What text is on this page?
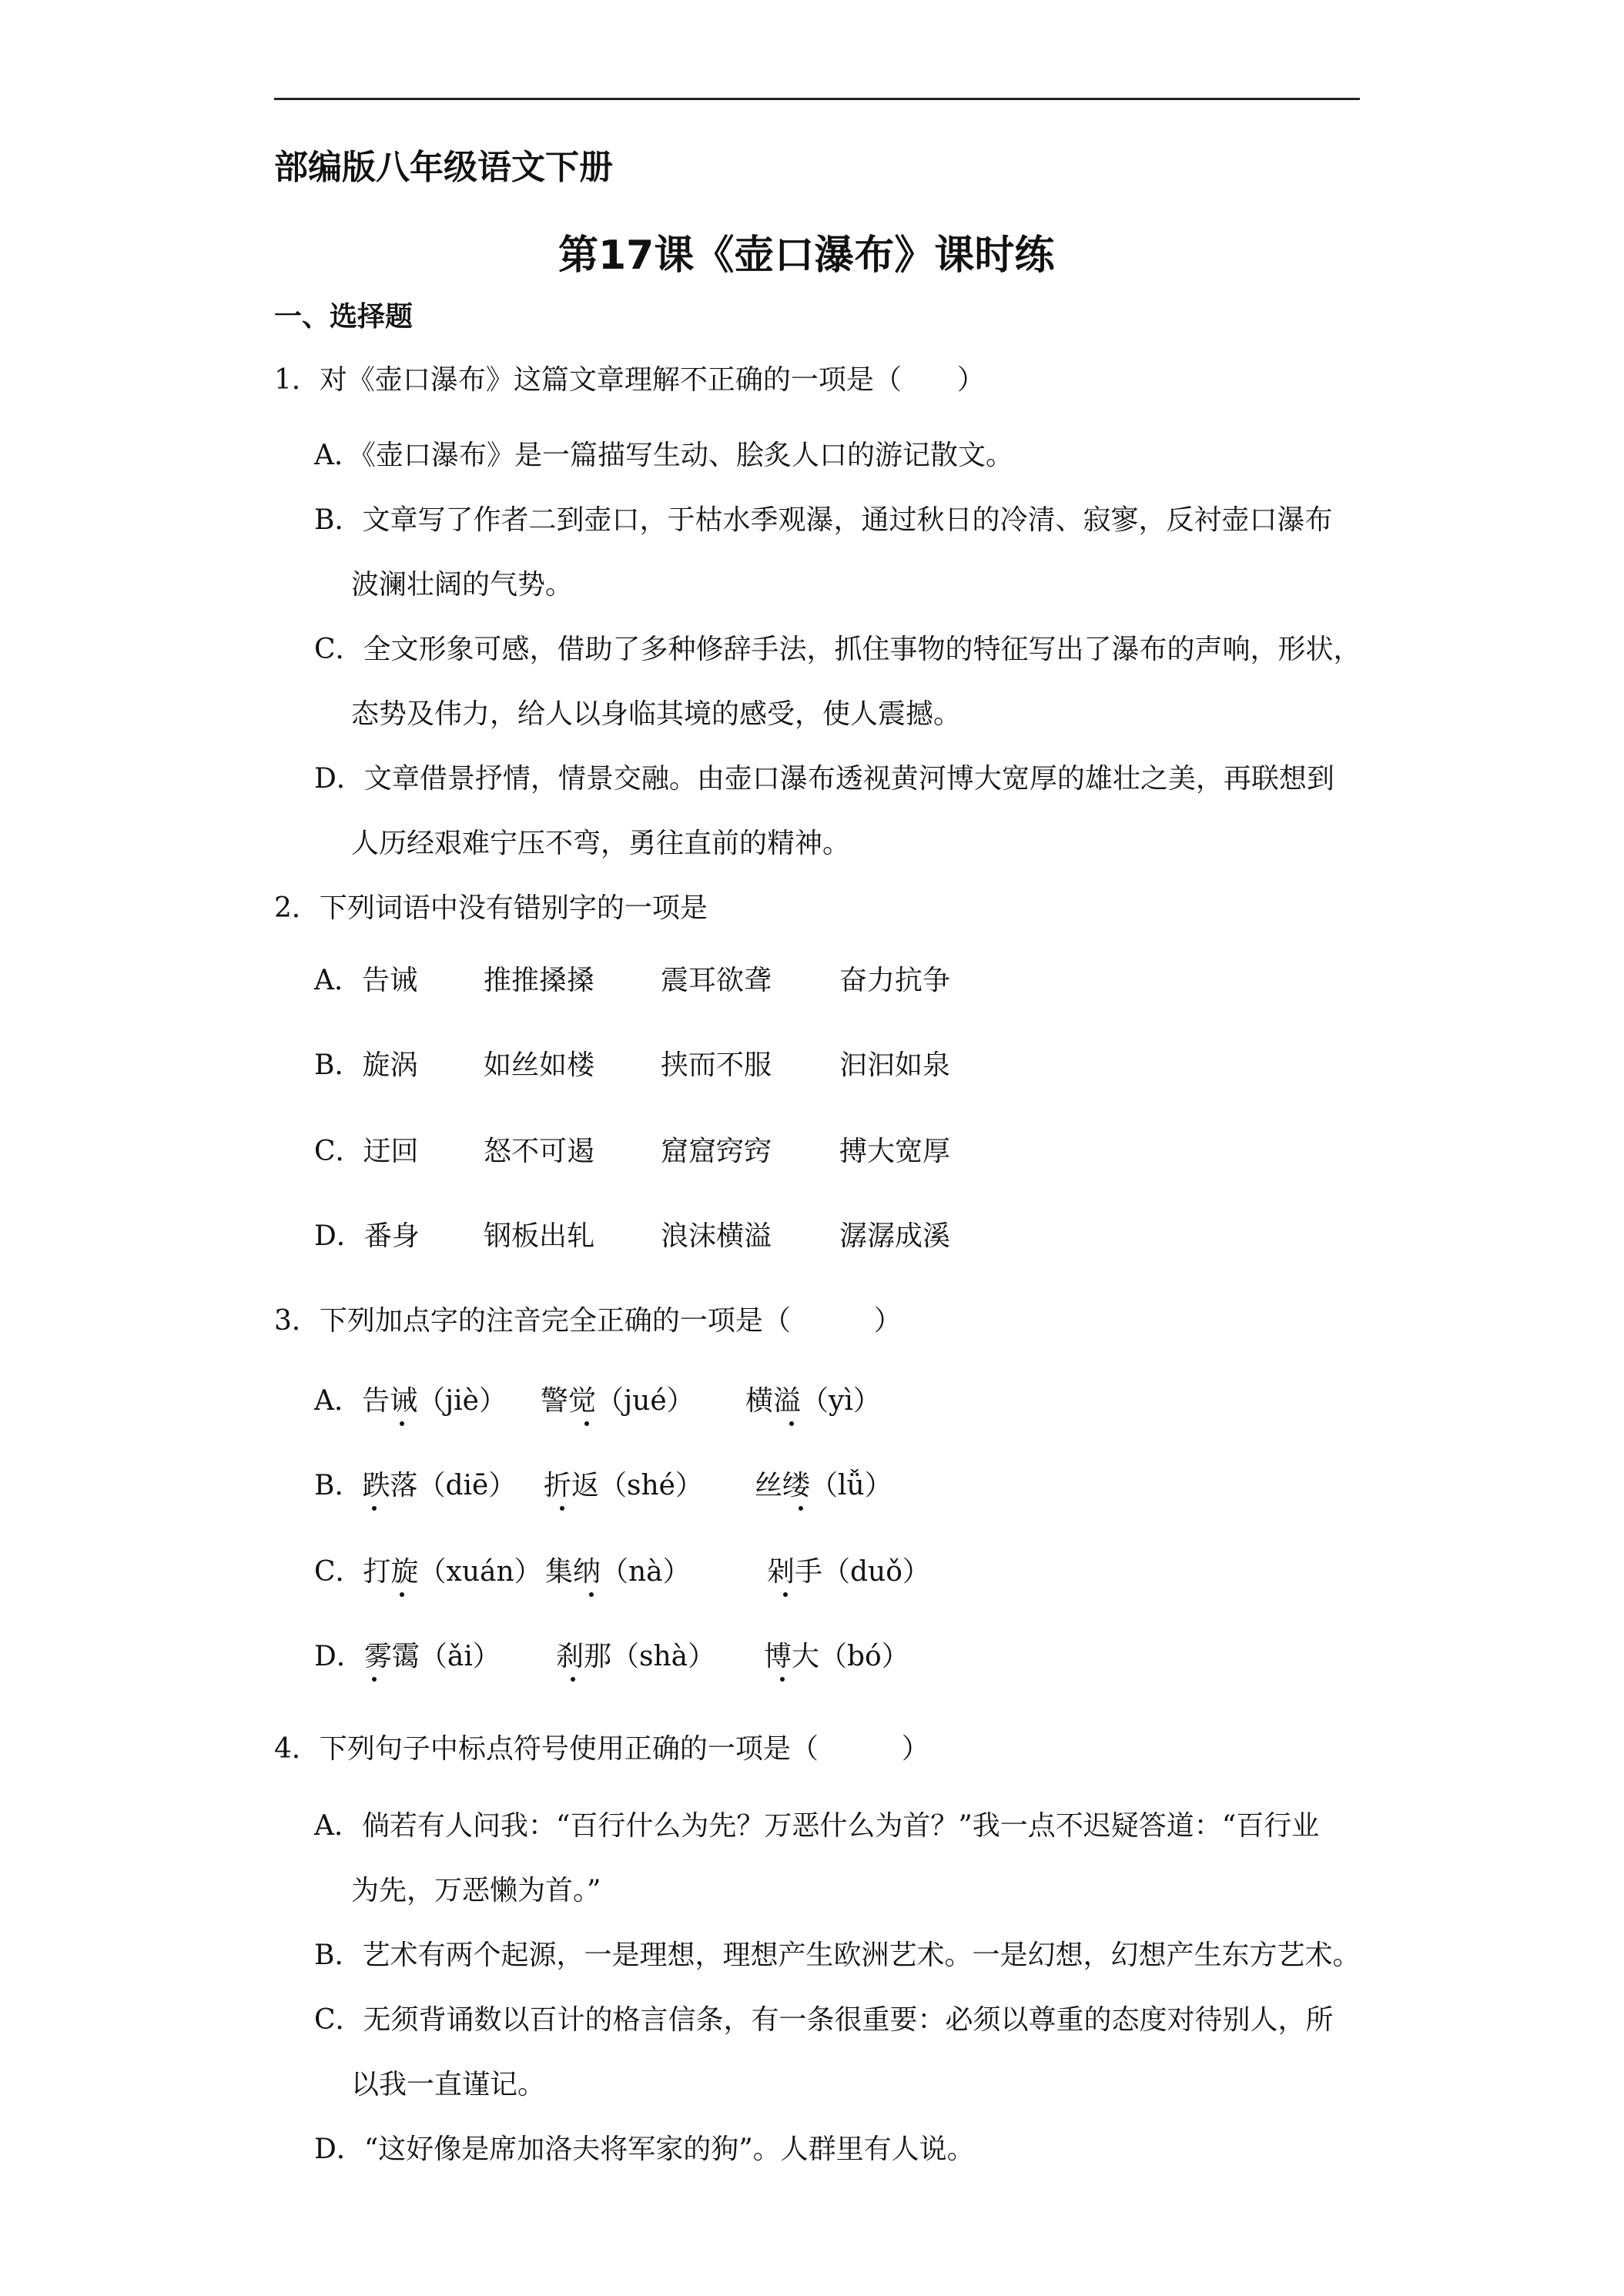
部编版八年级语文下册
第17课《壶口瀑布》课时练
一、选择题
1．对《壶口瀑布》这篇文章理解不正确的一项是（　　）
A．《壶口瀑布》是一篇描写生动、脍炙人口的游记散文。
B．文章写了作者二到壶口，于枯水季观瀑，通过秋日的冷清、寂寥，反衬壶口瀑布
波澜壮阔的气势。
C．全文形象可感，借助了多种修辞手法，抓住事物的特征写出了瀑布的声响，形状，
态势及伟力，给人以身临其境的感受，使人震撼。
D．文章借景抒情，情景交融。由壶口瀑布透视黄河博大宽厚的雄壮之美，再联想到
人历经艰难宁压不弯，勇往直前的精神。
2．下列词语中没有错别字的一项是
A．告诫 推推搡搡 震耳欲聋 奋力抗争
B．旋涡 如丝如楼 挟而不服 汩汩如泉
C．迂回 怒不可遏 窟窟窍窍 搏大宽厚
D．番身 钢板出轧 浪沫横溢 潺潺成溪
3．下列加点字的注音完全正确的一项是（　　　）
A．告诫（jiè） 警觉（jué） 横溢（yì）
B．跌落（diē） 折返（shé） 丝缕（lǚ）
C．打旋（xuán） 集纳（nà）	剁手（duǒ）
D．雾霭（ǎi） 刹那（shà） 博大（bó）
4．下列句子中标点符号使用正确的一项是（　　　）
A．倘若有人问我：“百行什么为先？万恶什么为首？”我一点不迟疑答道：“百行业
为先，万恶懒为首。”
B．艺术有两个起源，一是理想，理想产生欧洲艺术。一是幻想，幻想产生东方艺术。
C．无须背诵数以百计的格言信条，有一条很重要：必须以尊重的态度对待别人，所
以我一直谨记。
D．“这好像是席加洛夫将军家的狗”。人群里有人说。
